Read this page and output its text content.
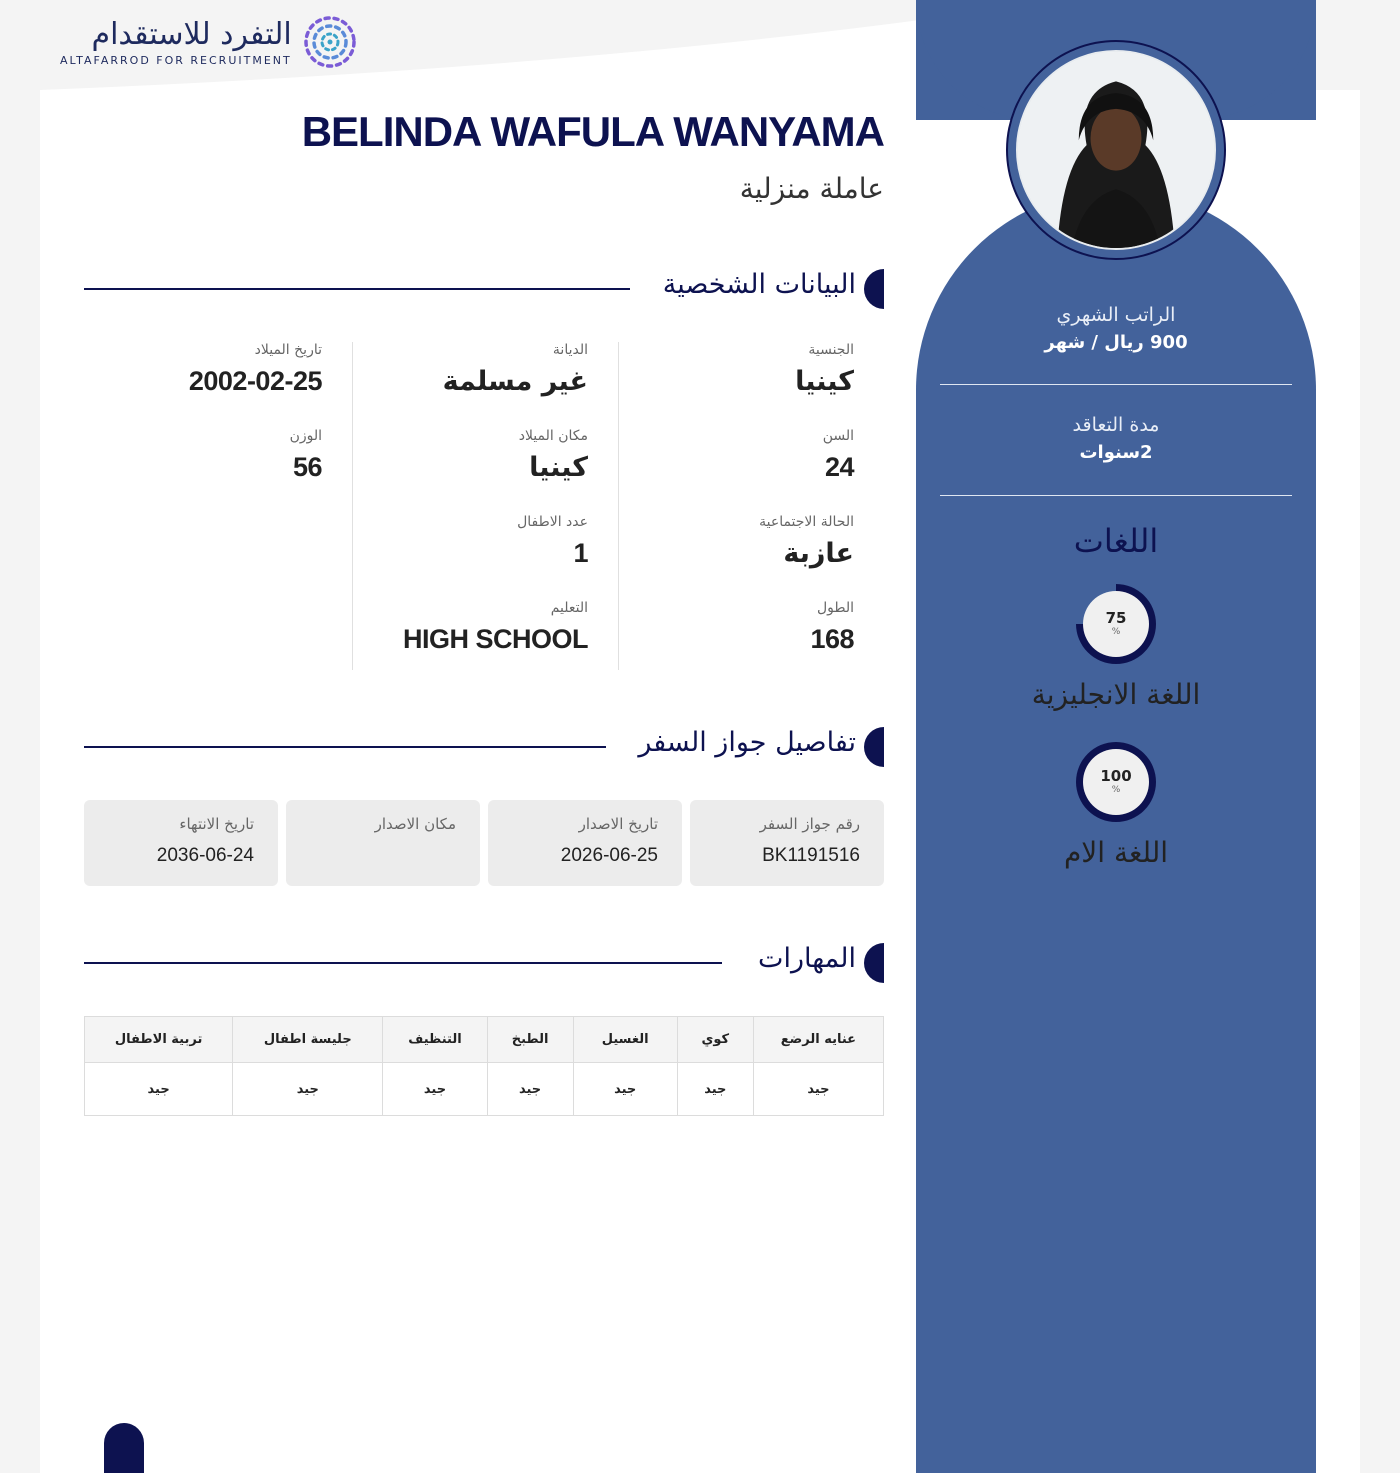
التفرد للاستقدام
ALTAFARROD FOR RECRUITMENT
الراتب الشهري
900 ريال / شهر
مدة التعاقد
2سنوات
اللغات
75
%
اللغة الانجليزية
100
%
اللغة الام
BELINDA WAFULA WANYAMA
عاملة منزلية
البيانات الشخصية
الجنسية
كينيا
السن
24
الحالة الاجتماعية
عازبة
الطول
168
الديانة
غير مسلمة
مكان الميلاد
كينيا
عدد الاطفال
1
التعليم
HIGH SCHOOL
تاريخ الميلاد
2002-02-25
الوزن
56
تفاصيل جواز السفر
رقم جواز السفر
BK1191516
تاريخ الاصدار
2026-06-25
مكان الاصدار
تاريخ الانتهاء
2036-06-24
المهارات
عنايه الرضع	كوي	الغسيل	الطبخ	التنظيف	جليسة اطفال	تربية الاطفال
جيد	جيد	جيد	جيد	جيد	جيد	جيد
